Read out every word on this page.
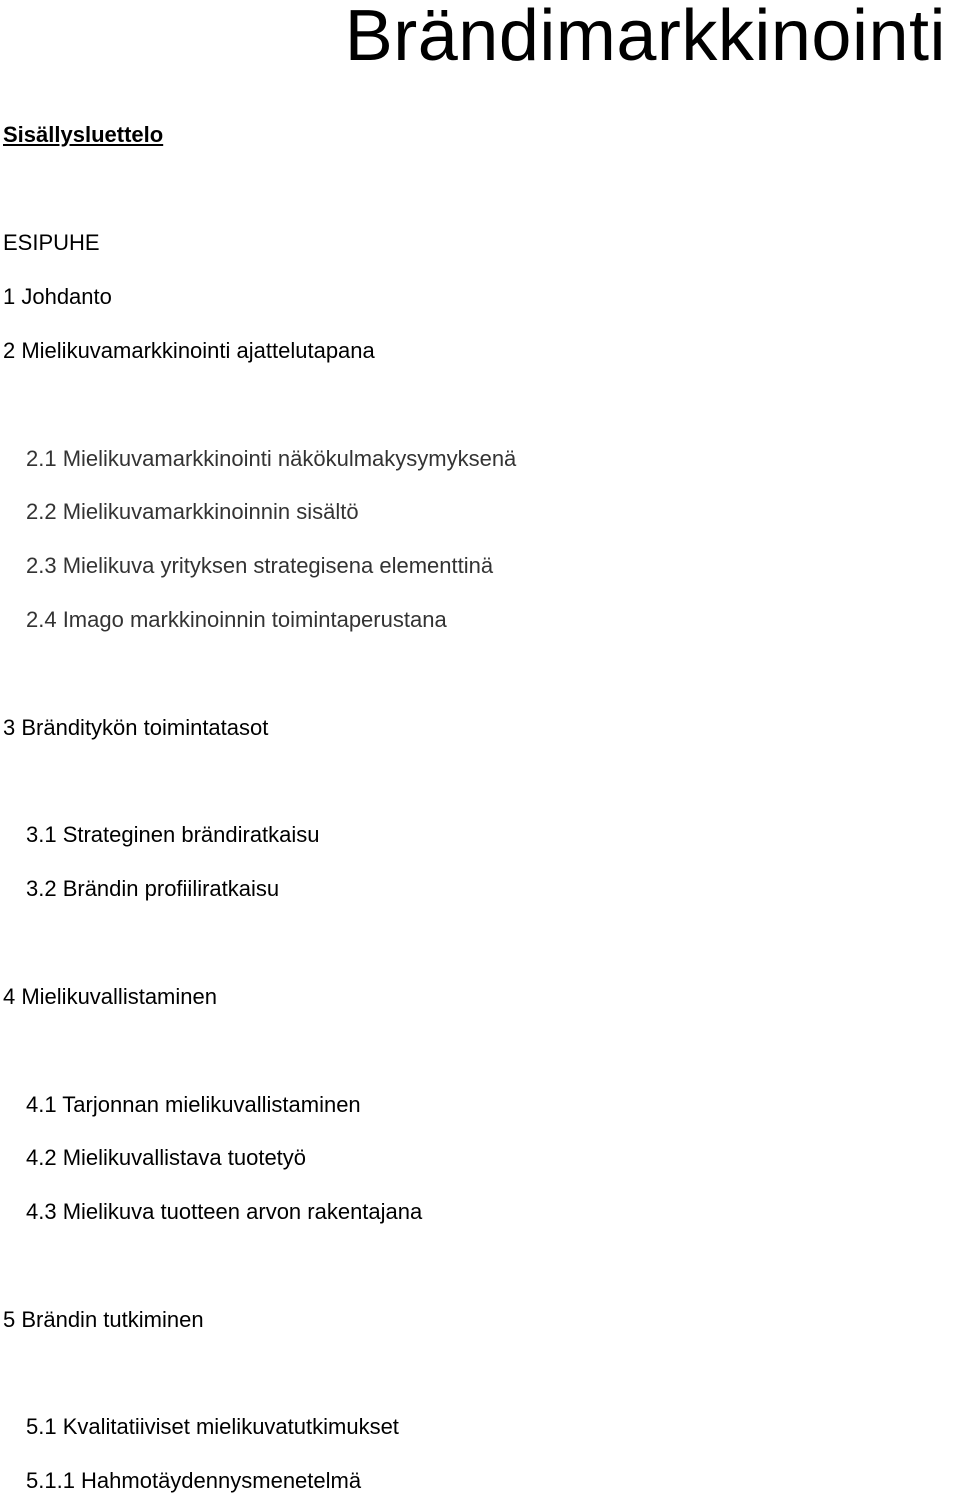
Brändimarkkinointi
Sisällysluettelo
ESIPUHE
1 Johdanto
2 Mielikuvamarkkinointi ajattelutapana
2.1 Mielikuvamarkkinointi näkökulmakysymyksenä
2.2 Mielikuvamarkkinoinnin sisältö
2.3 Mielikuva yrityksen strategisena elementtinä
2.4 Imago markkinoinnin toimintaperustana
3 Bränditykön toimintatasot
3.1 Strateginen brändiratkaisu
3.2 Brändin profiiliratkaisu
4 Mielikuvallistaminen
4.1 Tarjonnan mielikuvallistaminen
4.2 Mielikuvallistava tuotetyö
4.3 Mielikuva tuotteen arvon rakentajana
5 Brändin tutkiminen
5.1 Kvalitatiiviset mielikuvatutkimukset
5.1.1 Hahmotäydennysmenetelmä
